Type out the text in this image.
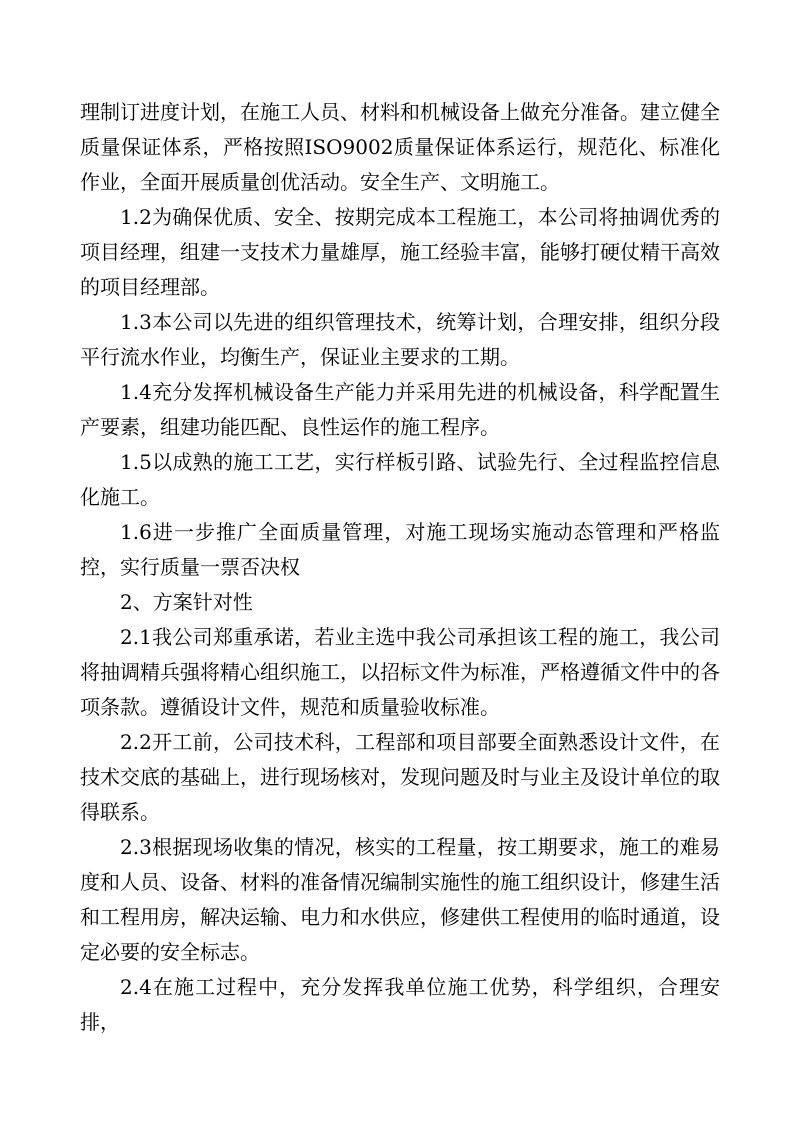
理制订进度计划，在施工人员、材料和机械设备上做充分准备。建立健全质量保证体系，严格按照ISO9002质量保证体系运行，规范化、标准化作业，全面开展质量创优活动。安全生产、文明施工。

1.2为确保优质、安全、按期完成本工程施工，本公司将抽调优秀的项目经理，组建一支技术力量雄厚，施工经验丰富，能够打硬仗精干高效的项目经理部。

1.3本公司以先进的组织管理技术，统筹计划，合理安排，组织分段平行流水作业，均衡生产，保证业主要求的工期。

1.4充分发挥机械设备生产能力并采用先进的机械设备，科学配置生产要素，组建功能匹配、良性运作的施工程序。

1.5以成熟的施工工艺，实行样板引路、试验先行、全过程监控信息化施工。

1.6进一步推广全面质量管理，对施工现场实施动态管理和严格监控，实行质量一票否决权

2、方案针对性

2.1我公司郑重承诺，若业主选中我公司承担该工程的施工，我公司将抽调精兵强将精心组织施工，以招标文件为标准，严格遵循文件中的各项条款。遵循设计文件，规范和质量验收标准。

2.2开工前，公司技术科，工程部和项目部要全面熟悉设计文件，在技术交底的基础上，进行现场核对，发现问题及时与业主及设计单位的取得联系。

2.3根据现场收集的情况，核实的工程量，按工期要求，施工的难易度和人员、设备、材料的准备情况编制实施性的施工组织设计，修建生活和工程用房，解决运输、电力和水供应，修建供工程使用的临时通道，设定必要的安全标志。

2.4在施工过程中，充分发挥我单位施工优势，科学组织，合理安排，
